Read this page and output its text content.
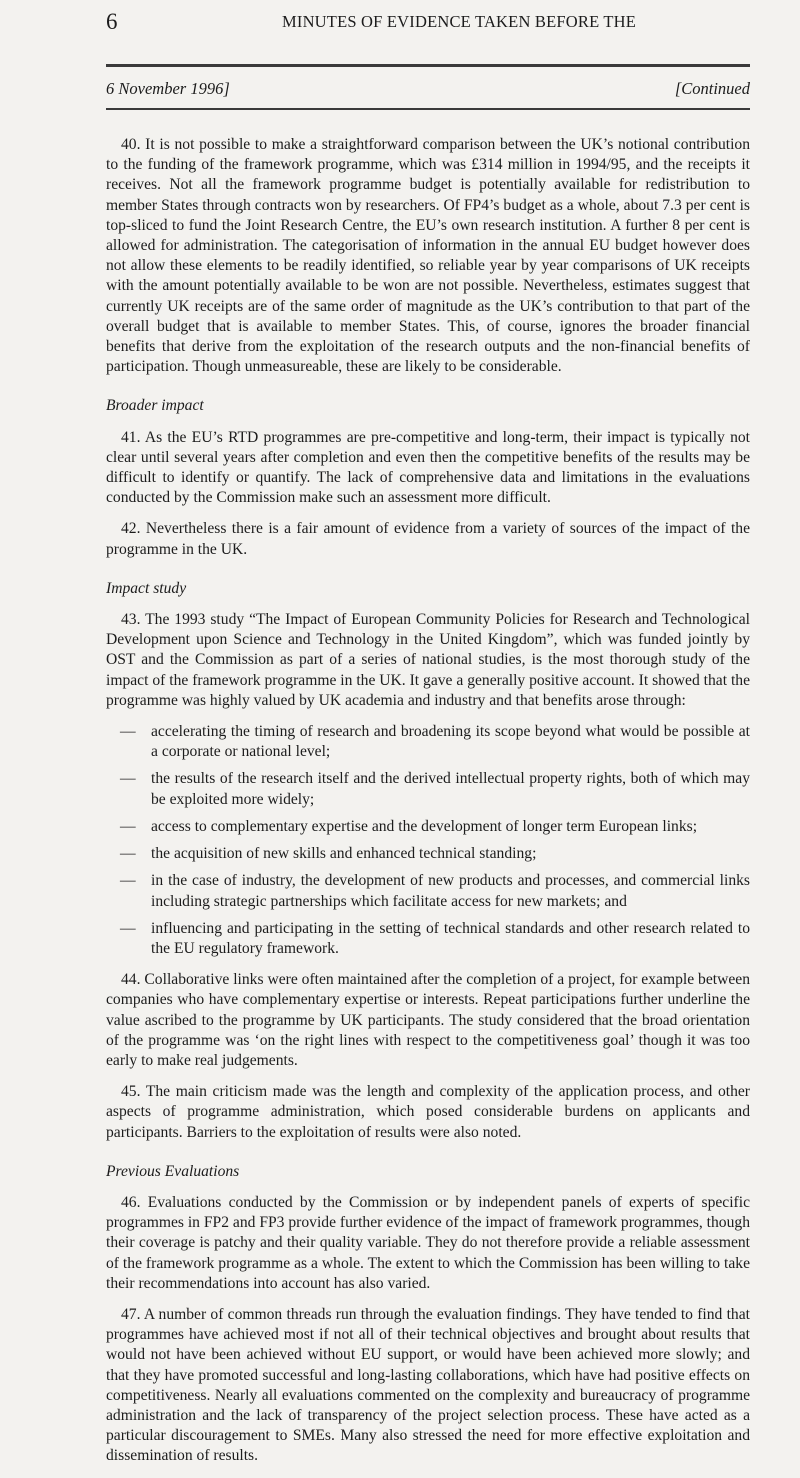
6	MINUTES OF EVIDENCE TAKEN BEFORE THE
6 November 1996]	[Continued

40. It is not possible to make a straightforward comparison between the UK’s notional contribution to the funding of the framework programme, which was £314 million in 1994/95, and the receipts it receives. Not all the framework programme budget is potentially available for redistribution to member States through contracts won by researchers. Of FP4’s budget as a whole, about 7.3 per cent is top-sliced to fund the Joint Research Centre, the EU’s own research institution. A further 8 per cent is allowed for administration. The categorisation of information in the annual EU budget however does not allow these elements to be readily identified, so reliable year by year comparisons of UK receipts with the amount potentially available to be won are not possible. Nevertheless, estimates suggest that currently UK receipts are of the same order of magnitude as the UK’s contribution to that part of the overall budget that is available to member States. This, of course, ignores the broader financial benefits that derive from the exploitation of the research outputs and the non-financial benefits of participation. Though unmeasureable, these are likely to be considerable.

Broader impact

41. As the EU’s RTD programmes are pre-competitive and long-term, their impact is typically not clear until several years after completion and even then the competitive benefits of the results may be difficult to identify or quantify. The lack of comprehensive data and limitations in the evaluations conducted by the Commission make such an assessment more difficult.

42. Nevertheless there is a fair amount of evidence from a variety of sources of the impact of the programme in the UK.

Impact study

43. The 1993 study “The Impact of European Community Policies for Research and Technological Development upon Science and Technology in the United Kingdom”, which was funded jointly by OST and the Commission as part of a series of national studies, is the most thorough study of the impact of the framework programme in the UK. It gave a generally positive account. It showed that the programme was highly valued by UK academia and industry and that benefits arose through:

— accelerating the timing of research and broadening its scope beyond what would be possible at a corporate or national level;
— the results of the research itself and the derived intellectual property rights, both of which may be exploited more widely;
— access to complementary expertise and the development of longer term European links;
— the acquisition of new skills and enhanced technical standing;
— in the case of industry, the development of new products and processes, and commercial links including strategic partnerships which facilitate access for new markets; and
— influencing and participating in the setting of technical standards and other research related to the EU regulatory framework.

44. Collaborative links were often maintained after the completion of a project, for example between companies who have complementary expertise or interests. Repeat participations further underline the value ascribed to the programme by UK participants. The study considered that the broad orientation of the programme was ‘on the right lines with respect to the competitiveness goal’ though it was too early to make real judgements.

45. The main criticism made was the length and complexity of the application process, and other aspects of programme administration, which posed considerable burdens on applicants and participants. Barriers to the exploitation of results were also noted.

Previous Evaluations

46. Evaluations conducted by the Commission or by independent panels of experts of specific programmes in FP2 and FP3 provide further evidence of the impact of framework programmes, though their coverage is patchy and their quality variable. They do not therefore provide a reliable assessment of the framework programme as a whole. The extent to which the Commission has been willing to take their recommendations into account has also varied.

47. A number of common threads run through the evaluation findings. They have tended to find that programmes have achieved most if not all of their technical objectives and brought about results that would not have been achieved without EU support, or would have been achieved more slowly; and that they have promoted successful and long-lasting collaborations, which have had positive effects on competitiveness. Nearly all evaluations commented on the complexity and bureaucracy of programme administration and the lack of transparency of the project selection process. These have acted as a particular discouragement to SMEs. Many also stressed the need for more effective exploitation and dissemination of results.
